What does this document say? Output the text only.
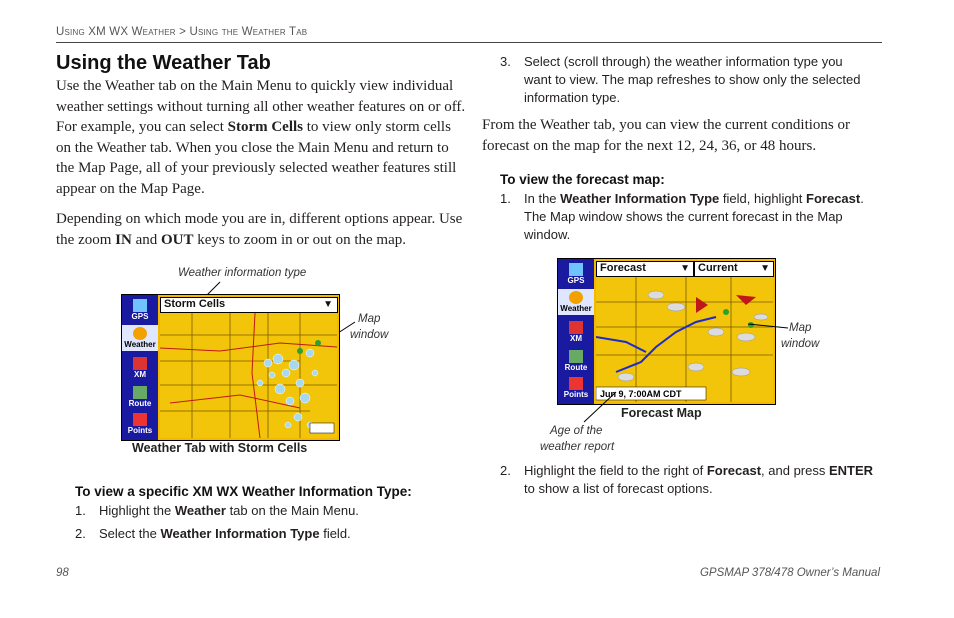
Using XM WX Weather > Using the Weather Tab
Using the Weather Tab
Use the Weather tab on the Main Menu to quickly view individual
weather settings without turning all other weather features on or off.
For example, you can select Storm Cells to view only storm cells
on the Weather tab. When you close the Main Menu and return to
the Map Page, all of your previously selected weather features still
appear on the Map Page.
Depending on which mode you are in, different options appear. Use
the zoom IN and OUT keys to zoom in or out on the map.
Weather information type
Map
window
GPS
Weather
XM
Route
Points
Storm Cells	▼
Weather Tab with Storm Cells
To view a specific XM WX Weather Information Type:
1. Highlight the Weather tab on the Main Menu.
2. Select the Weather Information Type field.
3. Select (scroll through) the weather information type you
want to view. The map refreshes to show only the selected
information type.
From the Weather tab, you can view the current conditions or
forecast on the map for the next 12, 24, 36, or 48 hours.
To view the forecast map:
1. In the Weather Information Type field, highlight Forecast.
The Map window shows the current forecast in the Map
window.
GPS
Weather
XM
Route
Points
Forecast	▼ Current ▼
Jun 9, 7:00AM CDT
Forecast Map
Map
window
Age of the
weather report
2. Highlight the field to the right of Forecast, and press ENTER
to show a list of forecast options.
98	GPSMAP 378/478 Owner’s Manual
